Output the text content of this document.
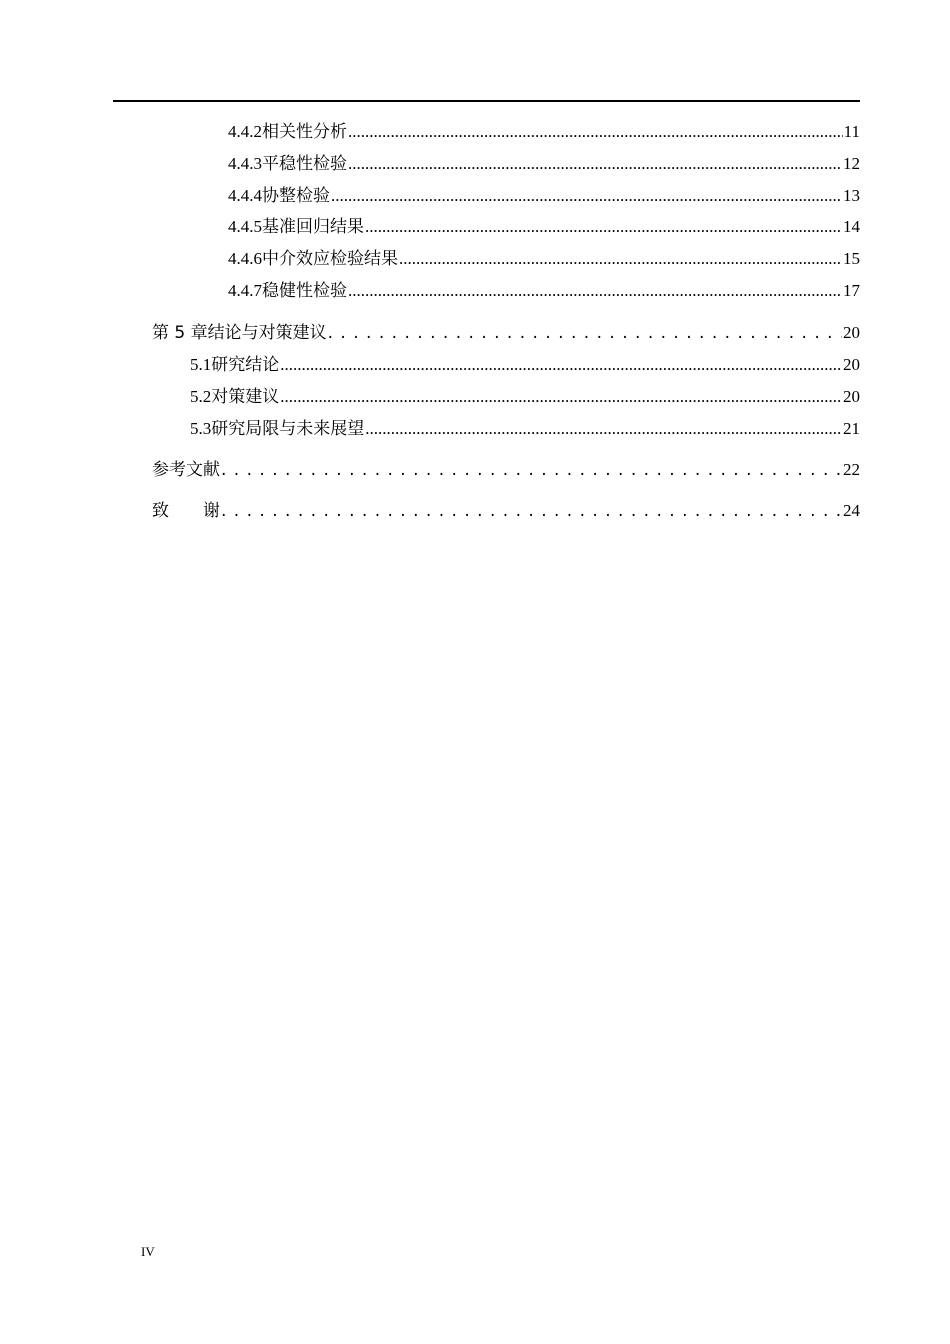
4.4.2 相关性分析 .....	11
4.4.3 平稳性检验 .....	12
4.4.4 协整检验 .....	13
4.4.5 基准回归结果 .....	14
4.4.6 中介效应检验结果 .....	15
4.4.7 稳健性检验 .....	17
第 5 章 结论与对策建议 . . .	20
5.1 研究结论 .....	20
5.2 对策建议 .....	20
5.3 研究局限与未来展望 .....	21
参考文献 . . .	22
致　　谢 . . .	24
IV
